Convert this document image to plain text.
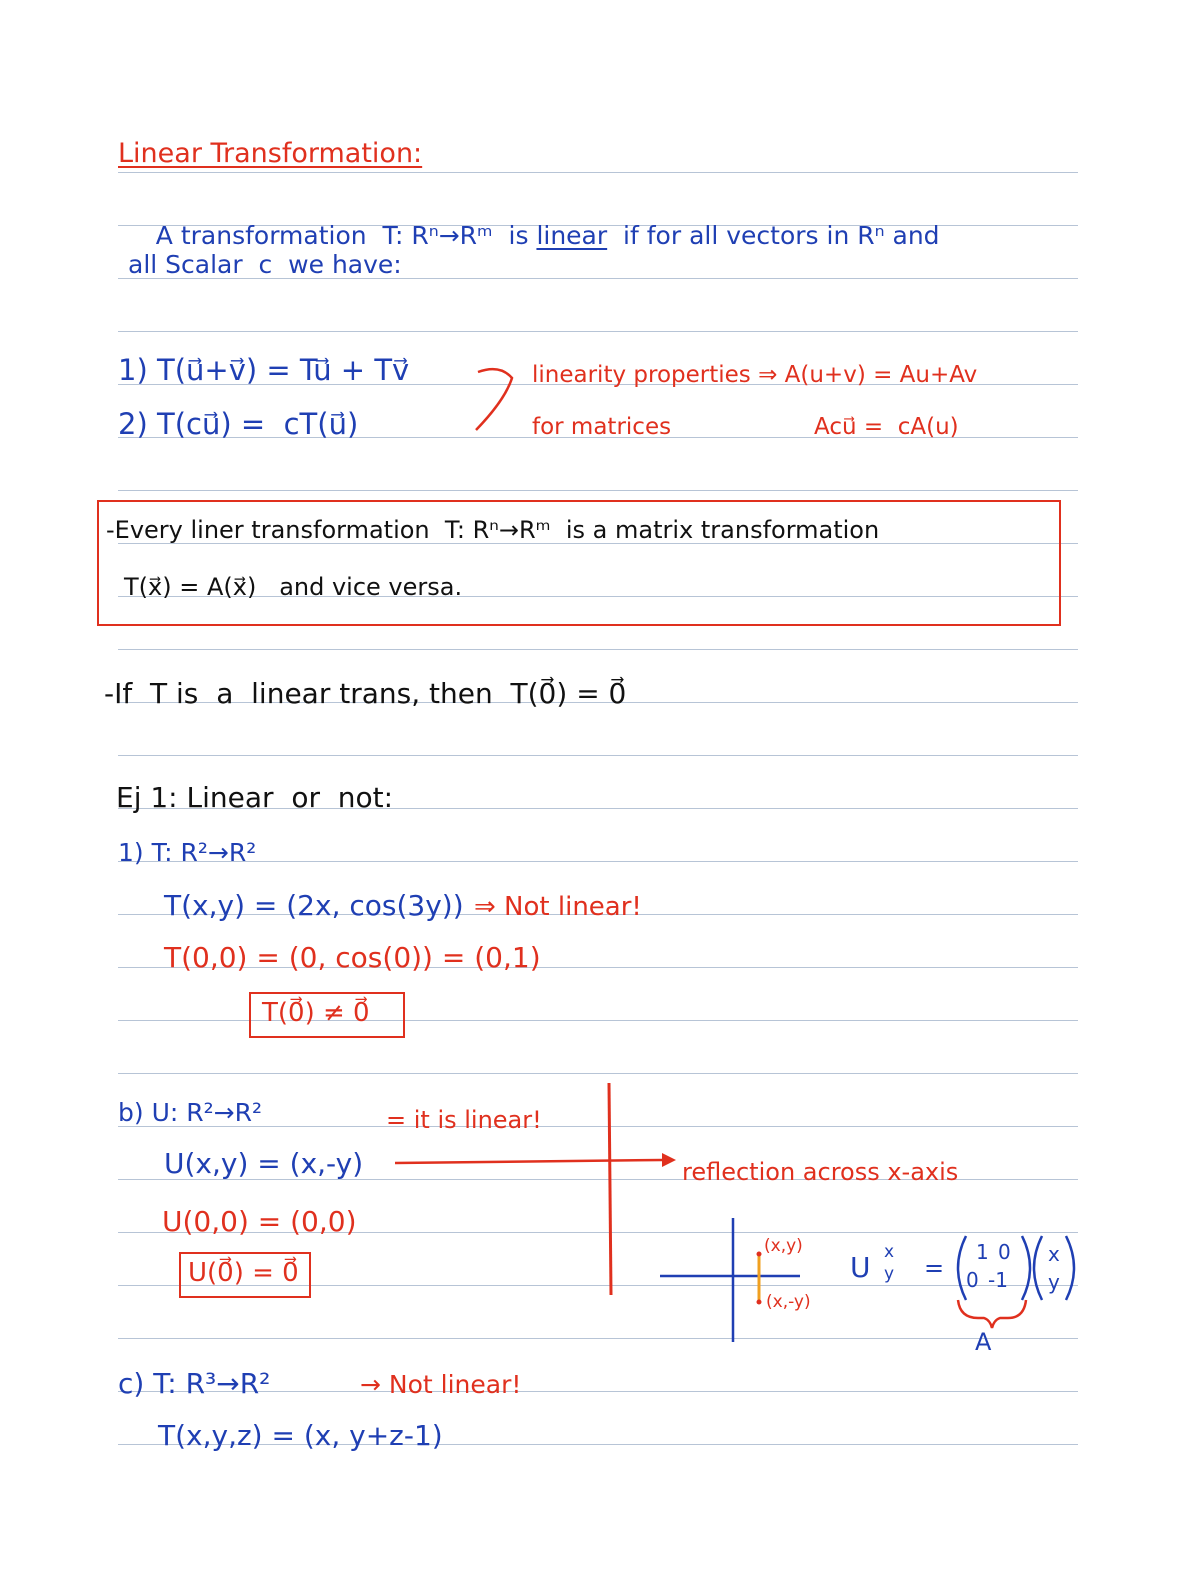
Linear Transformation:

A transformation  T: Rⁿ→Rᵐ  is linear  if for all vectors in Rⁿ and

all Scalar  c  we have:
1) T(u⃗+v⃗) = Tu⃗ + Tv⃗
2) T(cu⃗) =  cT(u⃗)
linearity properties ⇒ A(u+v) = Au+Av
for matrices	Acu⃗ =  cA(u)
-Every liner transformation  T: Rⁿ→Rᵐ  is a matrix transformation
T(x⃗) = A(x⃗)   and vice versa.
-If  T is  a  linear trans, then  T(0⃗) = 0⃗
Ej 1: Linear  or  not:
1) T: R²→R²
T(x,y) = (2x, cos(3y)) ⇒ Not linear!
T(0,0) = (0, cos(0)) = (0,1)
T(0⃗) ≠ 0⃗
b) U: R²→R²	= it is linear!
U(x,y) = (x,-y)
U(0,0) = (0,0)
U(0⃗) = 0⃗
reflection across x-axis
(x,y)
(x,-y)
U x
y =
1 0
0 -1
x
y
A
c) T: R³→R²	→ Not linear!
T(x,y,z) = (x, y+z-1)
